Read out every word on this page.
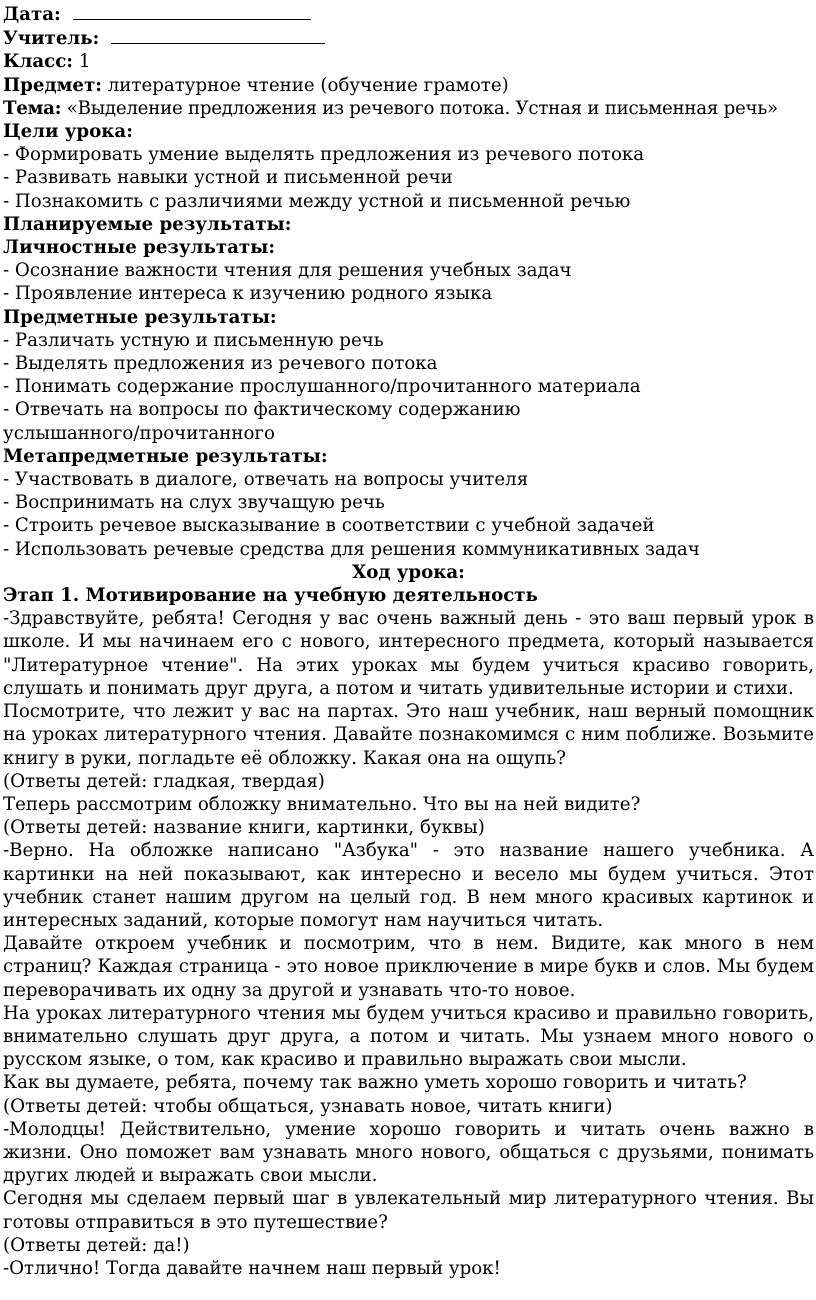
Дата:
Учитель:
Класс: 1
Предмет: литературное чтение (обучение грамоте)
Тема: «Выделение предложения из речевого потока. Устная и письменная речь»
Цели урока:
- Формировать умение выделять предложения из речевого потока
- Развивать навыки устной и письменной речи
- Познакомить с различиями между устной и письменной речью
Планируемые результаты:
Личностные результаты:
- Осознание важности чтения для решения учебных задач
- Проявление интереса к изучению родного языка
Предметные результаты:
- Различать устную и письменную речь
- Выделять предложения из речевого потока
- Понимать содержание прослушанного/прочитанного материала
- Отвечать на вопросы по фактическому содержанию услышанного/прочитанного
Метапредметные результаты:
- Участвовать в диалоге, отвечать на вопросы учителя
- Воспринимать на слух звучащую речь
- Строить речевое высказывание в соответствии с учебной задачей
- Использовать речевые средства для решения коммуникативных задач
Ход урока:
Этап 1. Мотивирование на учебную деятельность
-Здравствуйте, ребята! Сегодня у вас очень важный день - это ваш первый урок в школе. И мы начинаем его с нового, интересного предмета, который называется "Литературное чтение". На этих уроках мы будем учиться красиво говорить, слушать и понимать друг друга, а потом и читать удивительные истории и стихи.
Посмотрите, что лежит у вас на партах. Это наш учебник, наш верный помощник на уроках литературного чтения. Давайте познакомимся с ним поближе. Возьмите книгу в руки, погладьте её обложку. Какая она на ощупь?
(Ответы детей: гладкая, твердая)
Теперь рассмотрим обложку внимательно. Что вы на ней видите?
(Ответы детей: название книги, картинки, буквы)
-Верно. На обложке написано "Азбука" - это название нашего учебника. А картинки на ней показывают, как интересно и весело мы будем учиться. Этот учебник станет нашим другом на целый год. В нем много красивых картинок и интересных заданий, которые помогут нам научиться читать.
Давайте откроем учебник и посмотрим, что в нем. Видите, как много в нем страниц? Каждая страница - это новое приключение в мире букв и слов. Мы будем переворачивать их одну за другой и узнавать что-то новое.
На уроках литературного чтения мы будем учиться красиво и правильно говорить, внимательно слушать друг друга, а потом и читать. Мы узнаем много нового о русском языке, о том, как красиво и правильно выражать свои мысли.
Как вы думаете, ребята, почему так важно уметь хорошо говорить и читать?
(Ответы детей: чтобы общаться, узнавать новое, читать книги)
-Молодцы! Действительно, умение хорошо говорить и читать очень важно в жизни. Оно поможет вам узнавать много нового, общаться с друзьями, понимать других людей и выражать свои мысли.
Сегодня мы сделаем первый шаг в увлекательный мир литературного чтения. Вы готовы отправиться в это путешествие?
(Ответы детей: да!)
-Отлично! Тогда давайте начнем наш первый урок!
